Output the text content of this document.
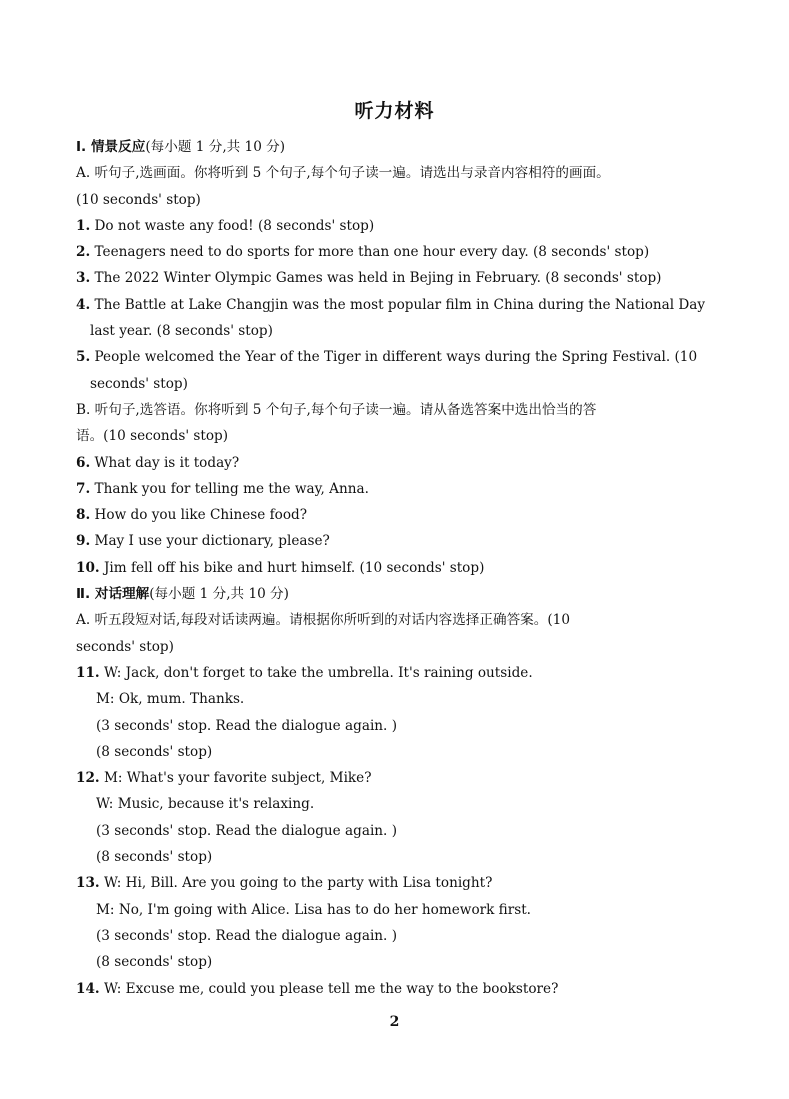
听力材料
Ⅰ. 情景反应(每小题 1 分,共 10 分)
A. 听句子,选画面。你将听到 5 个句子,每个句子读一遍。请选出与录音内容相符的画面。
(10 seconds' stop)
1. Do not waste any food! (8 seconds' stop)
2. Teenagers need to do sports for more than one hour every day. (8 seconds' stop)
3. The 2022 Winter Olympic Games was held in Bejing in February. (8 seconds' stop)
4. The Battle at Lake Changjin was the most popular film in China during the National Day
last year. (8 seconds' stop)
5. People welcomed the Year of the Tiger in different ways during the Spring Festival. (10
seconds' stop)
B. 听句子,选答语。你将听到 5 个句子,每个句子读一遍。请从备选答案中选出恰当的答
语。(10 seconds' stop)
6. What day is it today?
7. Thank you for telling me the way, Anna.
8. How do you like Chinese food?
9. May I use your dictionary, please?
10. Jim fell off his bike and hurt himself. (10 seconds' stop)
Ⅱ. 对话理解(每小题 1 分,共 10 分)
A. 听五段短对话,每段对话读两遍。请根据你所听到的对话内容选择正确答案。(10
seconds' stop)
11. W: Jack, don't forget to take the umbrella. It's raining outside.
M: Ok, mum. Thanks.
(3 seconds' stop. Read the dialogue again. )
(8 seconds' stop)
12. M: What's your favorite subject, Mike?
W: Music, because it's relaxing.
(3 seconds' stop. Read the dialogue again. )
(8 seconds' stop)
13. W: Hi, Bill. Are you going to the party with Lisa tonight?
M: No, I'm going with Alice. Lisa has to do her homework first.
(3 seconds' stop. Read the dialogue again. )
(8 seconds' stop)
14. W: Excuse me, could you please tell me the way to the bookstore?
2
